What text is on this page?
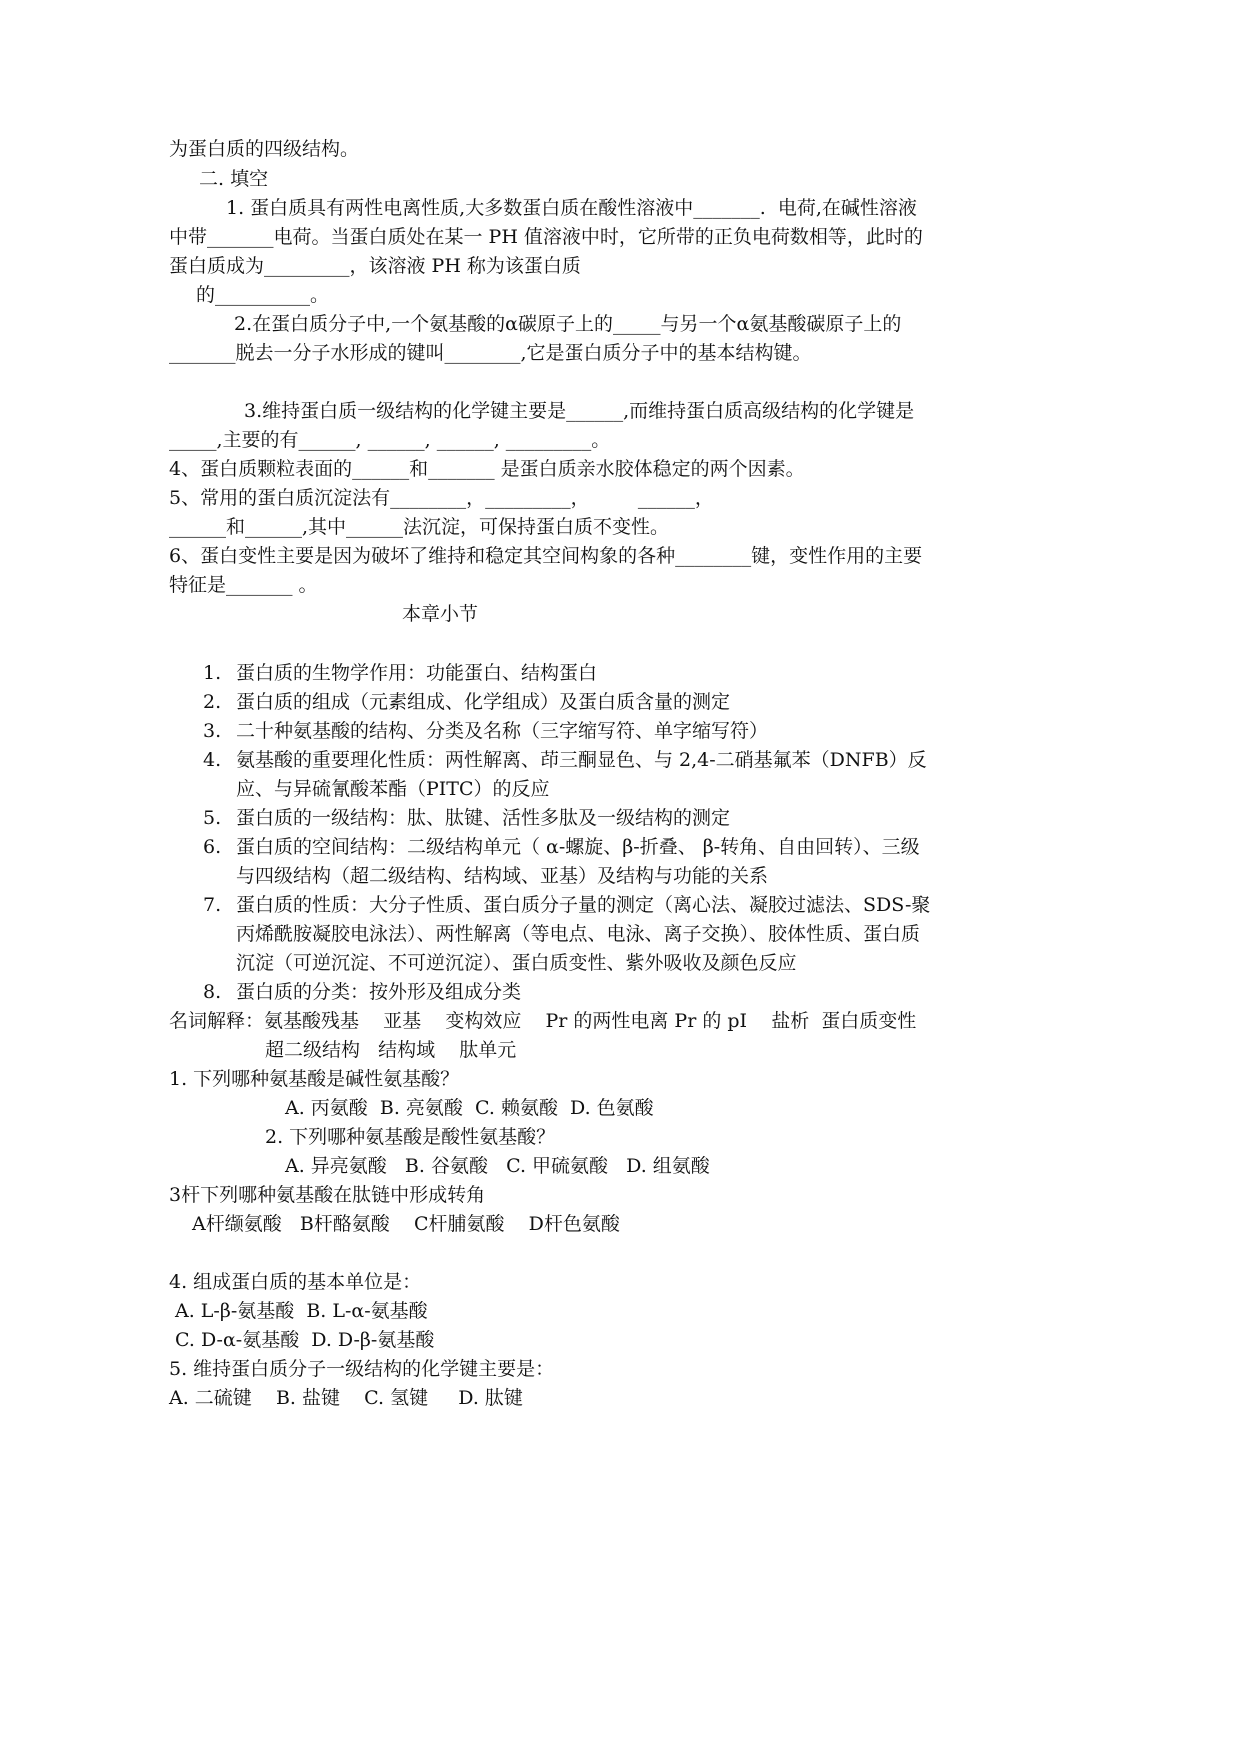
为蛋白质的四级结构。
二. 填空
1. 蛋白质具有两性电离性质,大多数蛋白质在酸性溶液中_______.  电荷,在碱性溶液
中带_______电荷。当蛋白质处在某一 PH 值溶液中时，它所带的正负电荷数相等，此时的
蛋白质成为_________，该溶液 PH 称为该蛋白质
的__________。
2.在蛋白质分子中,一个氨基酸的α碳原子上的_____与另一个α氨基酸碳原子上的
_______脱去一分子水形成的键叫________,它是蛋白质分子中的基本结构键。
3.维持蛋白质一级结构的化学键主要是______,而维持蛋白质高级结构的化学键是
_____,主要的有______, ______, ______, _________。
4、蛋白质颗粒表面的______和_______ 是蛋白质亲水胶体稳定的两个因素。
5、常用的蛋白质沉淀法有________，_________，        ______，
______和______,其中______法沉淀，可保持蛋白质不变性。
6、蛋白变性主要是因为破坏了维持和稳定其空间构象的各种________键，变性作用的主要
特征是_______ 。
本章小节
1. 蛋白质的生物学作用：功能蛋白、结构蛋白
2. 蛋白质的组成（元素组成、化学组成）及蛋白质含量的测定
3. 二十种氨基酸的结构、分类及名称（三字缩写符、单字缩写符）
4. 氨基酸的重要理化性质：两性解离、茚三酮显色、与 2,4-二硝基氟苯（DNFB）反
应、与异硫氰酸苯酯（PITC）的反应
5. 蛋白质的一级结构：肽、肽键、活性多肽及一级结构的测定
6. 蛋白质的空间结构：二级结构单元（ α-螺旋、β-折叠、 β-转角、自由回转）、三级
与四级结构（超二级结构、结构域、亚基）及结构与功能的关系
7. 蛋白质的性质：大分子性质、蛋白质分子量的测定（离心法、凝胶过滤法、SDS-聚
丙烯酰胺凝胶电泳法）、两性解离（等电点、电泳、离子交换）、胶体性质、蛋白质
沉淀（可逆沉淀、不可逆沉淀）、蛋白质变性、紫外吸收及颜色反应
8. 蛋白质的分类：按外形及组成分类
名词解释：氨基酸残基    亚基    变构效应    Pr 的两性电离 Pr 的 pI    盐析  蛋白质变性
超二级结构   结构域    肽单元
1. 下列哪种氨基酸是碱性氨基酸？
A. 丙氨酸  B. 亮氨酸  C. 赖氨酸  D. 色氨酸
2. 下列哪种氨基酸是酸性氨基酸？
A. 异亮氨酸   B. 谷氨酸   C. 甲硫氨酸   D. 组氨酸
3杆下列哪种氨基酸在肽链中形成转角
A杆缬氨酸   B杆酪氨酸    C杆脯氨酸    D杆色氨酸
4. 组成蛋白质的基本单位是：
A. L-β-氨基酸  B. L-α-氨基酸
C. D-α-氨基酸  D. D-β-氨基酸
5. 维持蛋白质分子一级结构的化学键主要是：
A. 二硫键    B. 盐键    C. 氢键     D. 肽键
